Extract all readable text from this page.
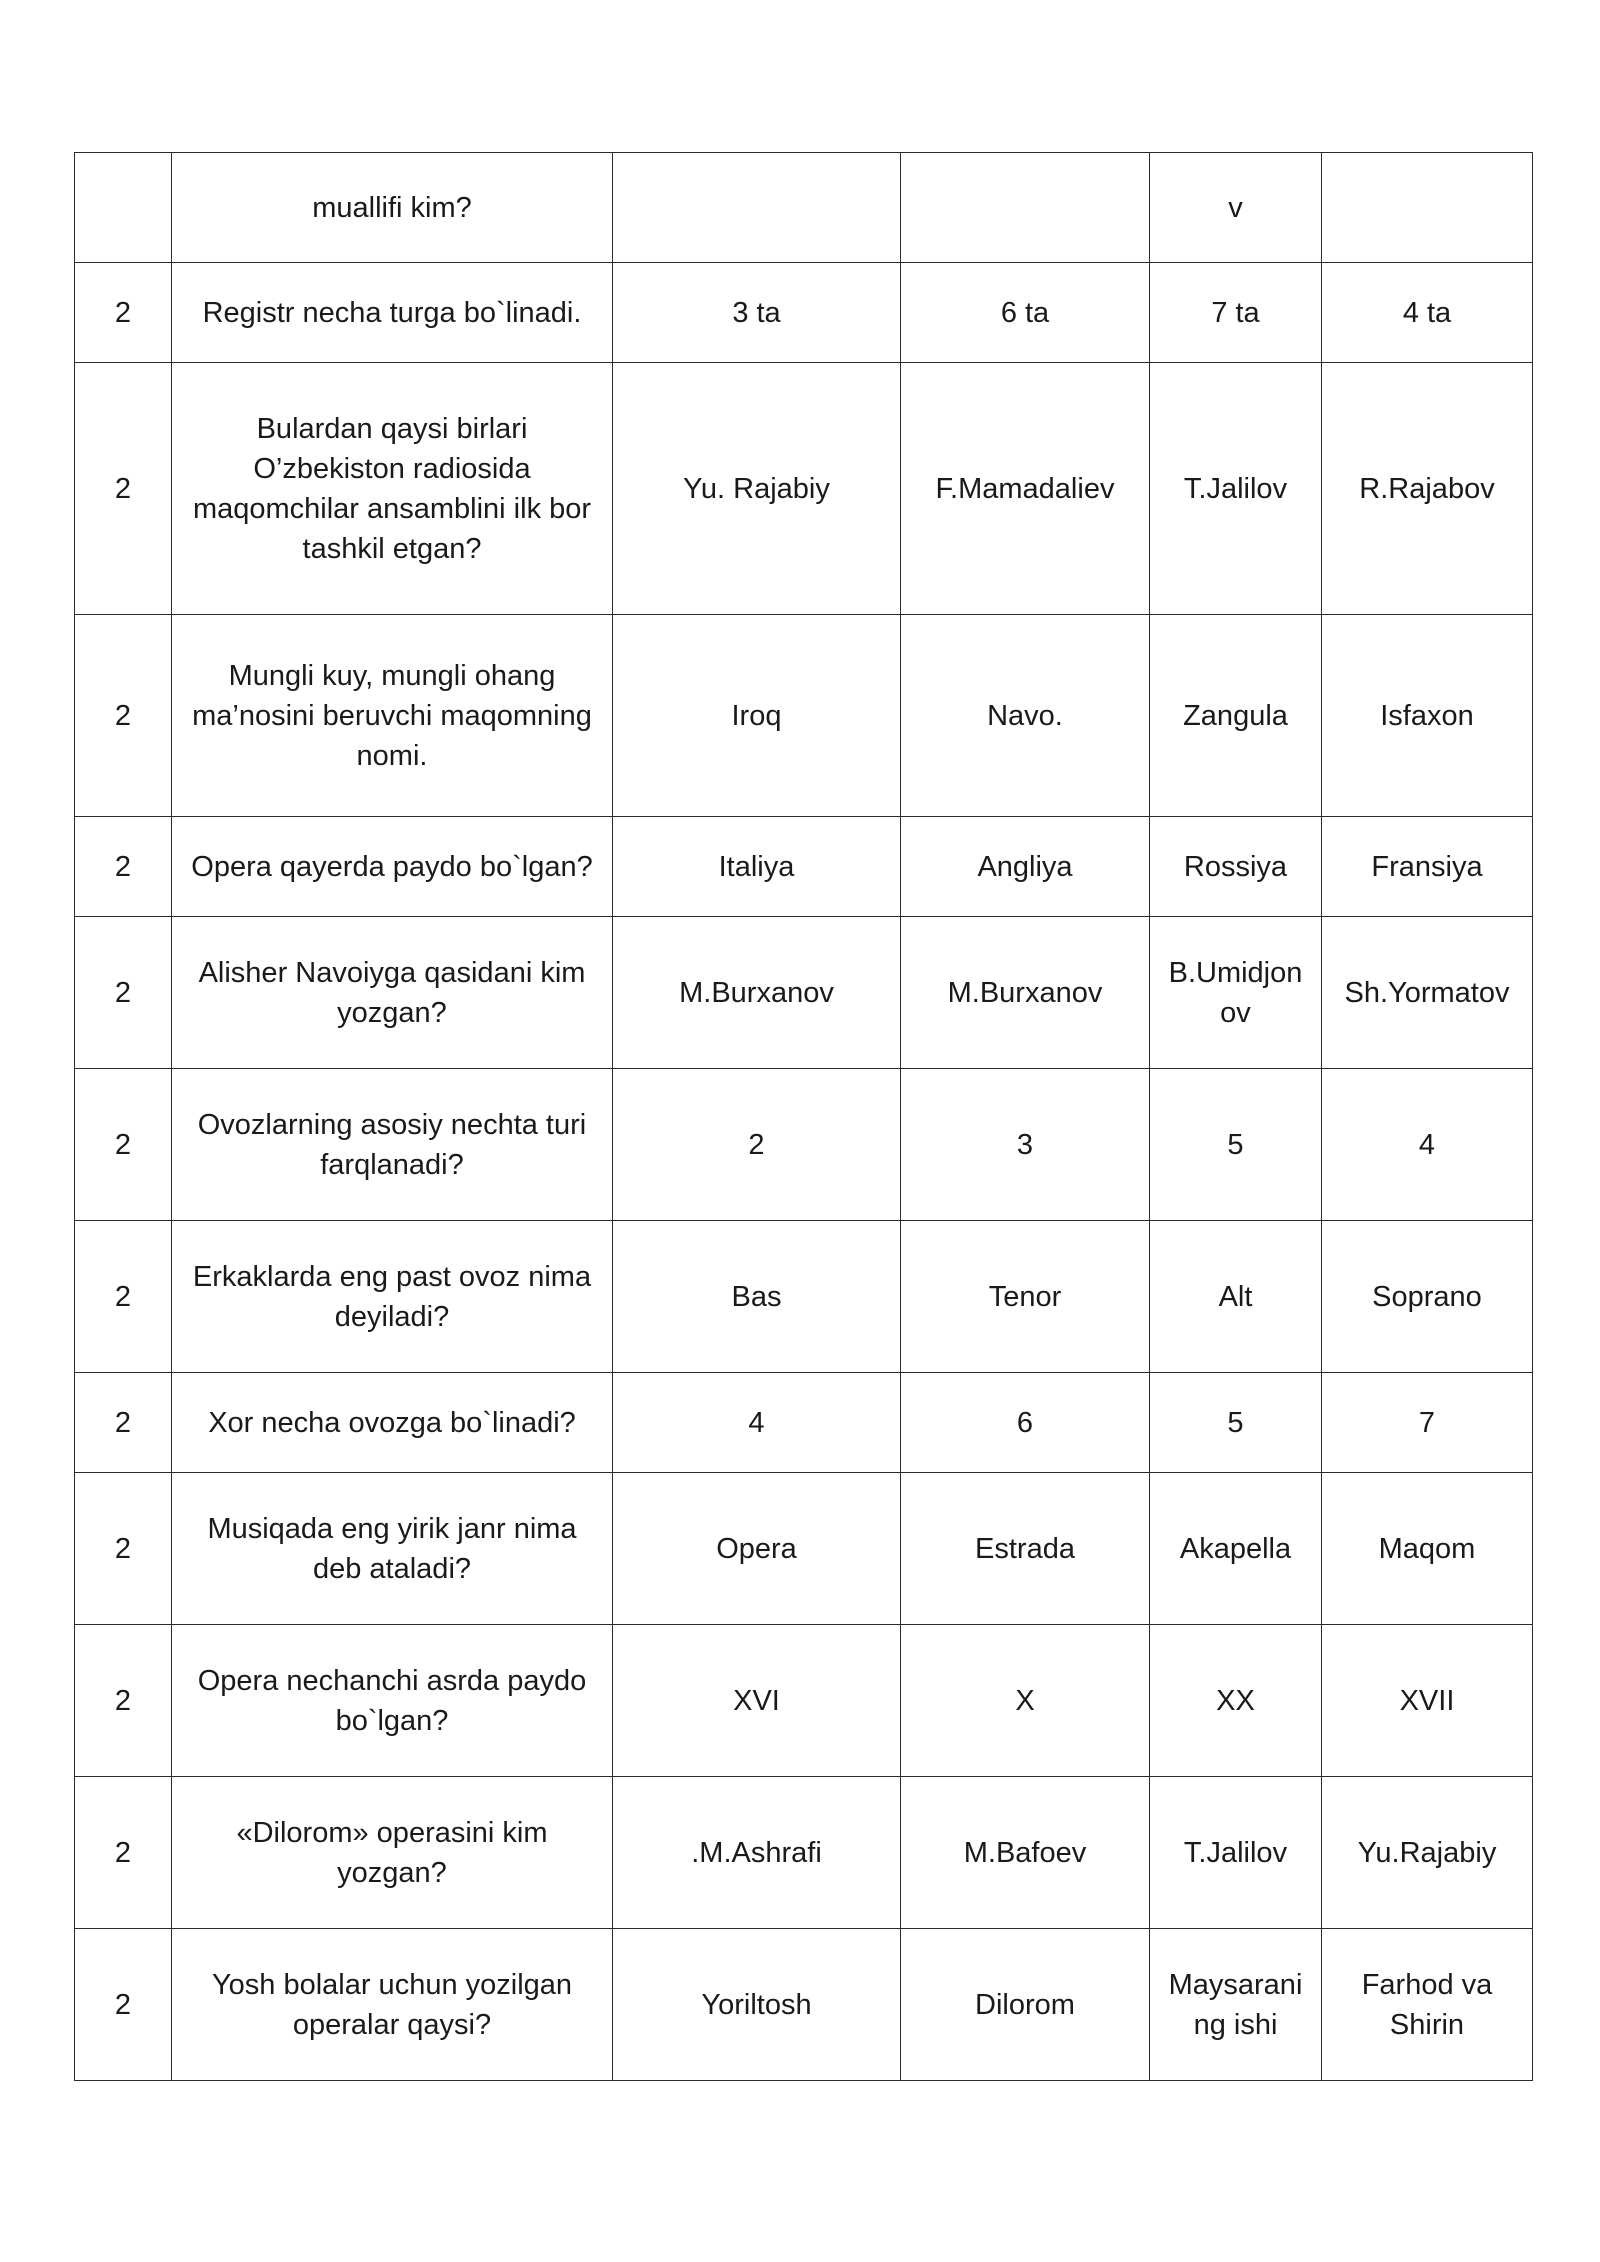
	muallifi kim?			v	
2	Registr necha turga bo`linadi.	3 ta	6 ta	7 ta	4 ta
2	Bulardan qaysi birlari O’zbekiston radiosida maqomchilar ansamblini ilk bor tashkil etgan?	Yu. Rajabiy	F.Mamadaliev	T.Jalilov	R.Rajabov
2	Mungli kuy, mungli ohang ma’nosini beruvchi maqomning nomi.	Iroq	Navo.	Zangula	Isfaxon
2	Opera qayerda paydo bo`lgan?	Italiya	Angliya	Rossiya	Fransiya
2	Alisher Navoiyga qasidani kim yozgan?	M.Burxanov	M.Burxanov	B.Umidjon ov	Sh.Yormatov
2	Ovozlarning asosiy nechta turi farqlanadi?	2	3	5	4
2	Erkaklarda eng past ovoz nima deyiladi?	Bas	Tenor	Alt	Soprano
2	Xor necha ovozga bo`linadi?	4	6	5	7
2	Musiqada eng yirik janr nima deb ataladi?	Opera	Estrada	Akapella	Maqom
2	Opera nechanchi asrda paydo bo`lgan?	XVI	X	XX	XVII
2	«Dilorom» operasini kim yozgan?	.M.Ashrafi	M.Bafoev	T.Jalilov	Yu.Rajabiy
2	Yosh bolalar uchun yozilgan operalar qaysi?	Yoriltosh	Dilorom	Maysarani ng ishi	Farhod va Shirin
